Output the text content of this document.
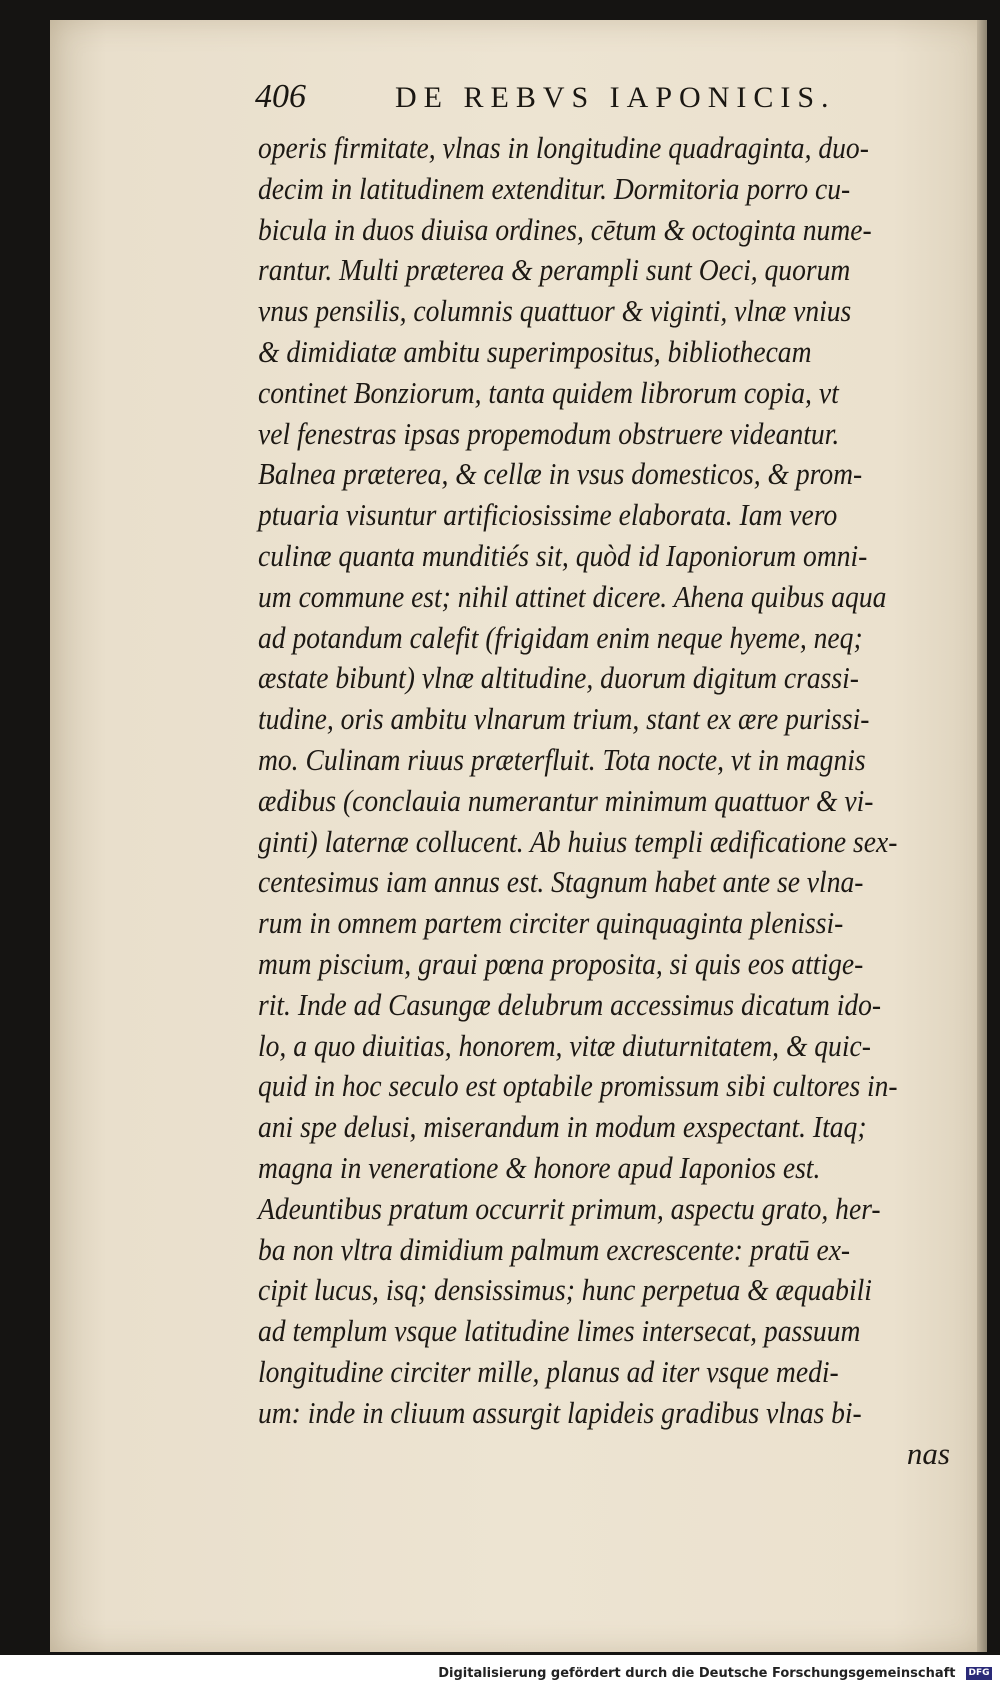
406	DE REBVS IAPONICIS.
operis firmitate, vlnas in longitudine quadraginta, duo-
decim in latitudinem extenditur. Dormitoria porro cu-
bicula in duos diuisa ordines, cētum & octoginta nume-
rantur. Multi præterea & perampli sunt Oeci, quorum
vnus pensilis, columnis quattuor & viginti, vlnæ vnius
& dimidiatæ ambitu superimpositus, bibliothecam
continet Bonziorum, tanta quidem librorum copia, vt
vel fenestras ipsas propemodum obstruere videantur.
Balnea præterea, & cellæ in vsus domesticos, & prom-
ptuaria visuntur artificiosissime elaborata. Iam vero
culinæ quanta munditiés sit, quòd id Iaponiorum omni-
um commune est; nihil attinet dicere. Ahena quibus aqua
ad potandum calefit (frigidam enim neque hyeme, neq;
æstate bibunt) vlnæ altitudine, duorum digitum crassi-
tudine, oris ambitu vlnarum trium, stant ex ære purissi-
mo. Culinam riuus præterfluit. Tota nocte, vt in magnis
ædibus (conclauia numerantur minimum quattuor & vi-
ginti) laternæ collucent. Ab huius templi ædificatione sex-
centesimus iam annus est. Stagnum habet ante se vlna-
rum in omnem partem circiter quinquaginta plenissi-
mum piscium, graui pœna proposita, si quis eos attige-
rit. Inde ad Casungæ delubrum accessimus dicatum ido-
lo, a quo diuitias, honorem, vitæ diuturnitatem, & quic-
quid in hoc seculo est optabile promissum sibi cultores in-
ani spe delusi, miserandum in modum exspectant. Itaq;
magna in veneratione & honore apud Iaponios est.
Adeuntibus pratum occurrit primum, aspectu grato, her-
ba non vltra dimidium palmum excrescente: pratū ex-
cipit lucus, isq; densissimus; hunc perpetua & æquabili
ad templum vsque latitudine limes intersecat, passuum
longitudine circiter mille, planus ad iter vsque medi-
um: inde in cliuum assurgit lapideis gradibus vlnas bi-
nas
Digitalisierung gefördert durch die Deutsche Forschungsgemeinschaft DFG
